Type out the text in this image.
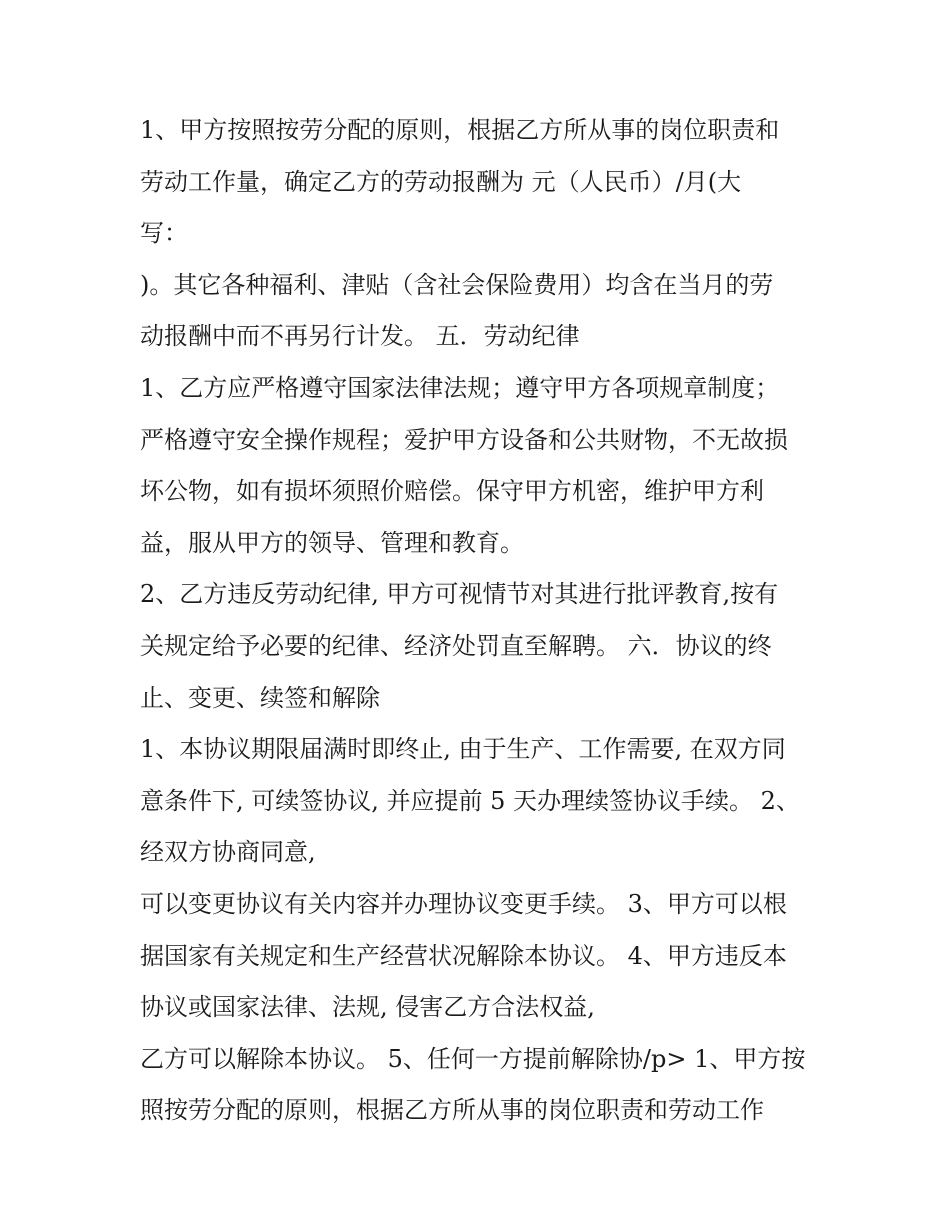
1、甲方按照按劳分配的原则，根据乙方所从事的岗位职责和
劳动工作量，确定乙方的劳动报酬为 元（人民币）/月(大
写：
)。其它各种福利、津贴（含社会保险费用）均含在当月的劳
动报酬中而不再另行计发。 五．劳动纪律
1、乙方应严格遵守国家法律法规；遵守甲方各项规章制度；
严格遵守安全操作规程；爱护甲方设备和公共财物，不无故损
坏公物，如有损坏须照价赔偿。保守甲方机密，维护甲方利
益，服从甲方的领导、管理和教育。
2、乙方违反劳动纪律, 甲方可视情节对其进行批评教育,按有
关规定给予必要的纪律、经济处罚直至解聘。 六．协议的终
止、变更、续签和解除
1、本协议期限届满时即终止, 由于生产、工作需要, 在双方同
意条件下, 可续签协议, 并应提前 5 天办理续签协议手续。 2、
经双方协商同意,
可以变更协议有关内容并办理协议变更手续。 3、甲方可以根
据国家有关规定和生产经营状况解除本协议。 4、甲方违反本
协议或国家法律、法规, 侵害乙方合法权益,
乙方可以解除本协议。 5、任何一方提前解除协/p> 1、甲方按
照按劳分配的原则，根据乙方所从事的岗位职责和劳动工作
